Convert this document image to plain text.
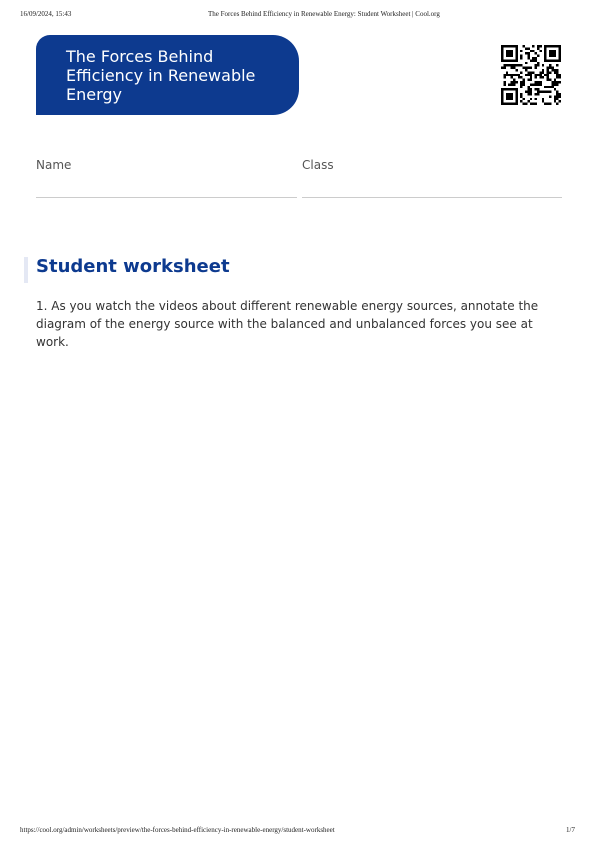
16/09/2024, 15:43	The Forces Behind Efficiency in Renewable Energy: Student Worksheet | Cool.org
The Forces Behind Efficiency in Renewable Energy
Name	Class
Student worksheet
1. As you watch the videos about different renewable energy sources, annotate the diagram of the energy source with the balanced and unbalanced forces you see at work.
https://cool.org/admin/worksheets/preview/the-forces-behind-efficiency-in-renewable-energy/student-worksheet	1/7
